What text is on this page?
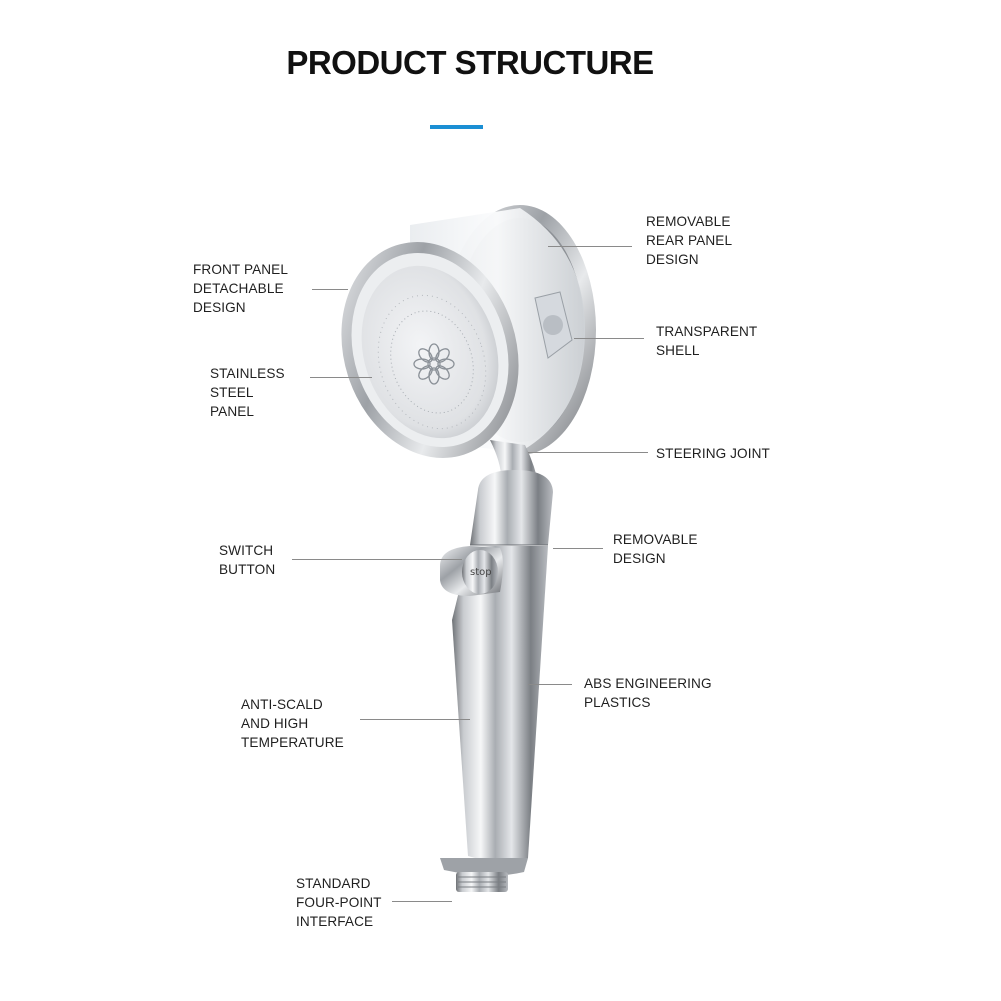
PRODUCT STRUCTURE
stop
FRONT PANEL
DETACHABLE
DESIGN
STAINLESS
STEEL
PANEL
SWITCH
BUTTON
ANTI-SCALD
AND HIGH
TEMPERATURE
STANDARD
FOUR-POINT
INTERFACE
REMOVABLE
REAR PANEL
DESIGN
TRANSPARENT
SHELL
STEERING JOINT
REMOVABLE
DESIGN
ABS ENGINEERING
PLASTICS
